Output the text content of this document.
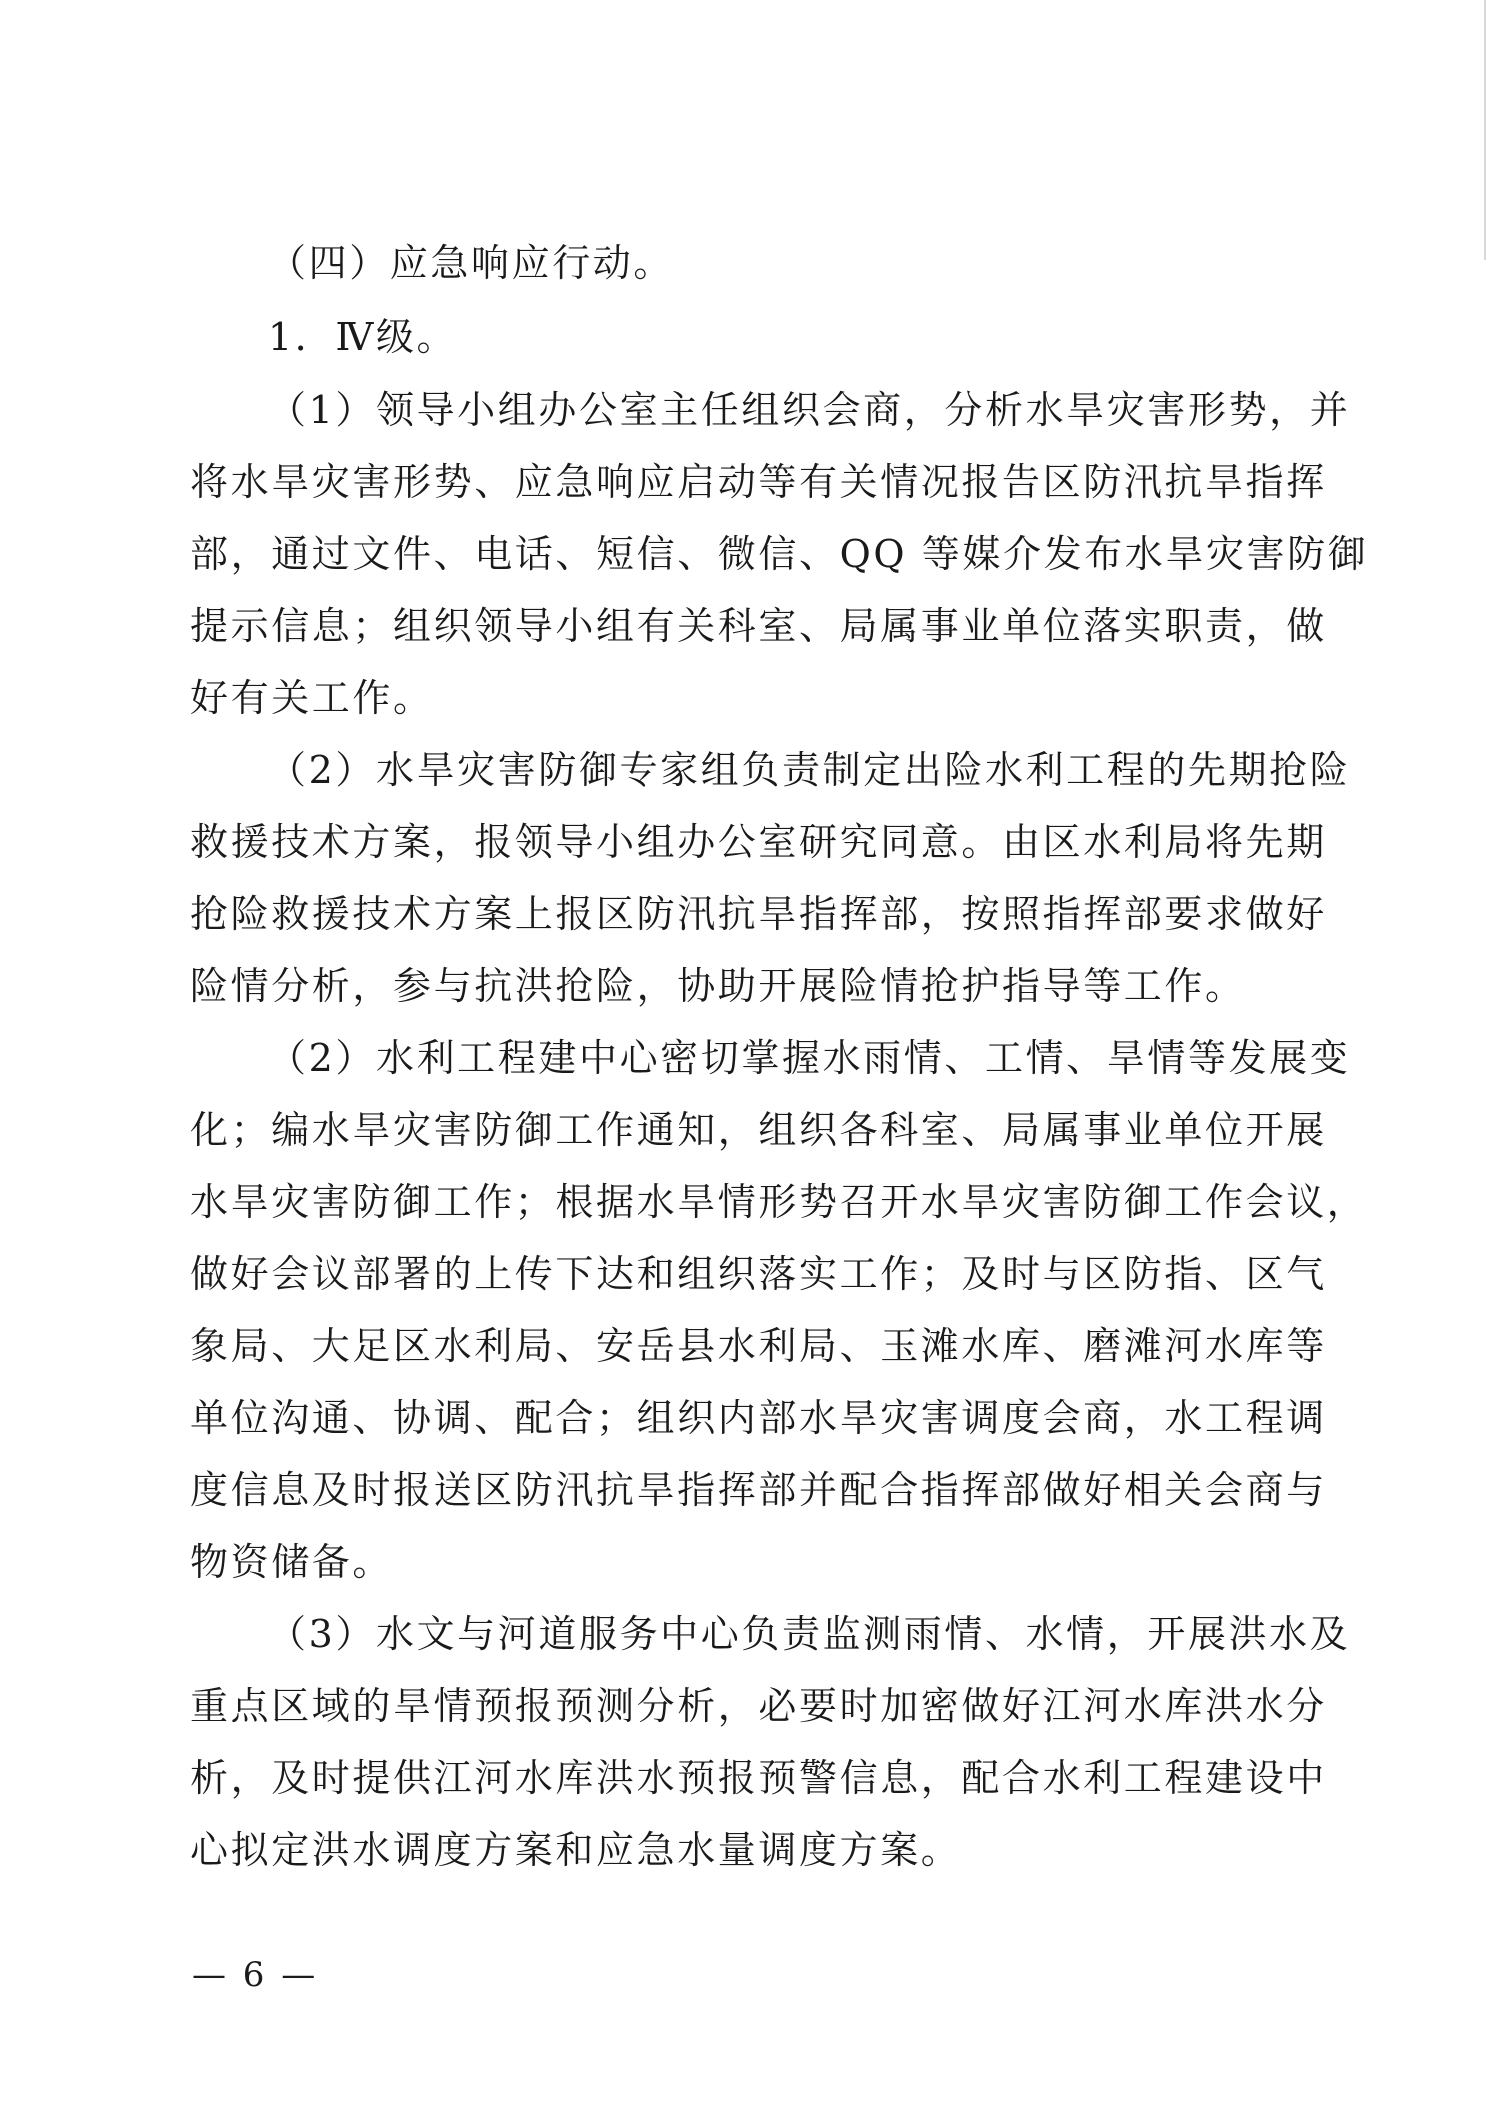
（四）应急响应行动。
1．Ⅳ级。
（1）领导小组办公室主任组织会商，分析水旱灾害形势，并
将水旱灾害形势、应急响应启动等有关情况报告区防汛抗旱指挥
部，通过文件、电话、短信、微信、QQ 等媒介发布水旱灾害防御
提示信息；组织领导小组有关科室、局属事业单位落实职责，做
好有关工作。
（2）水旱灾害防御专家组负责制定出险水利工程的先期抢险
救援技术方案，报领导小组办公室研究同意。由区水利局将先期
抢险救援技术方案上报区防汛抗旱指挥部，按照指挥部要求做好
险情分析，参与抗洪抢险，协助开展险情抢护指导等工作。
（2）水利工程建中心密切掌握水雨情、工情、旱情等发展变
化；编水旱灾害防御工作通知，组织各科室、局属事业单位开展
水旱灾害防御工作；根据水旱情形势召开水旱灾害防御工作会议，
做好会议部署的上传下达和组织落实工作；及时与区防指、区气
象局、大足区水利局、安岳县水利局、玉滩水库、磨滩河水库等
单位沟通、协调、配合；组织内部水旱灾害调度会商，水工程调
度信息及时报送区防汛抗旱指挥部并配合指挥部做好相关会商与
物资储备。
（3）水文与河道服务中心负责监测雨情、水情，开展洪水及
重点区域的旱情预报预测分析，必要时加密做好江河水库洪水分
析，及时提供江河水库洪水预报预警信息，配合水利工程建设中
心拟定洪水调度方案和应急水量调度方案。
— 6 —
